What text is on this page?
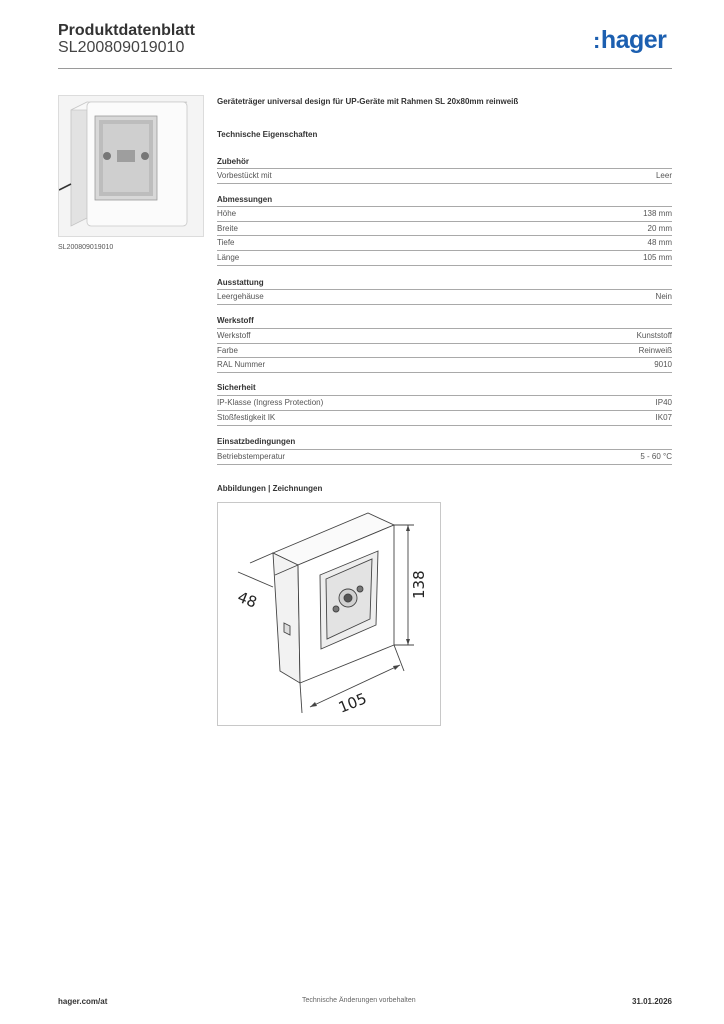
Produktdatenblatt
SL200809019010	:hager
SL200809019010
Geräteträger universal design für UP-Geräte mit Rahmen SL 20x80mm reinweiß
Technische Eigenschaften
Zubehör
Vorbestückt mit	Leer
Abmessungen
Höhe	138 mm
Breite	20 mm
Tiefe	48 mm
Länge	105 mm
Ausstattung
Leergehäuse	Nein
Werkstoff
Werkstoff	Kunststoff
Farbe	Reinweiß
RAL Nummer	9010
Sicherheit
IP-Klasse (Ingress Protection)	IP40
Stoßfestigkeit IK	IK07
Einsatzbedingungen
Betriebstemperatur	5 - 60 °C
Abbildungen | Zeichnungen
48
138
105
hager.com/at	Technische Änderungen vorbehalten	31.01.2026
